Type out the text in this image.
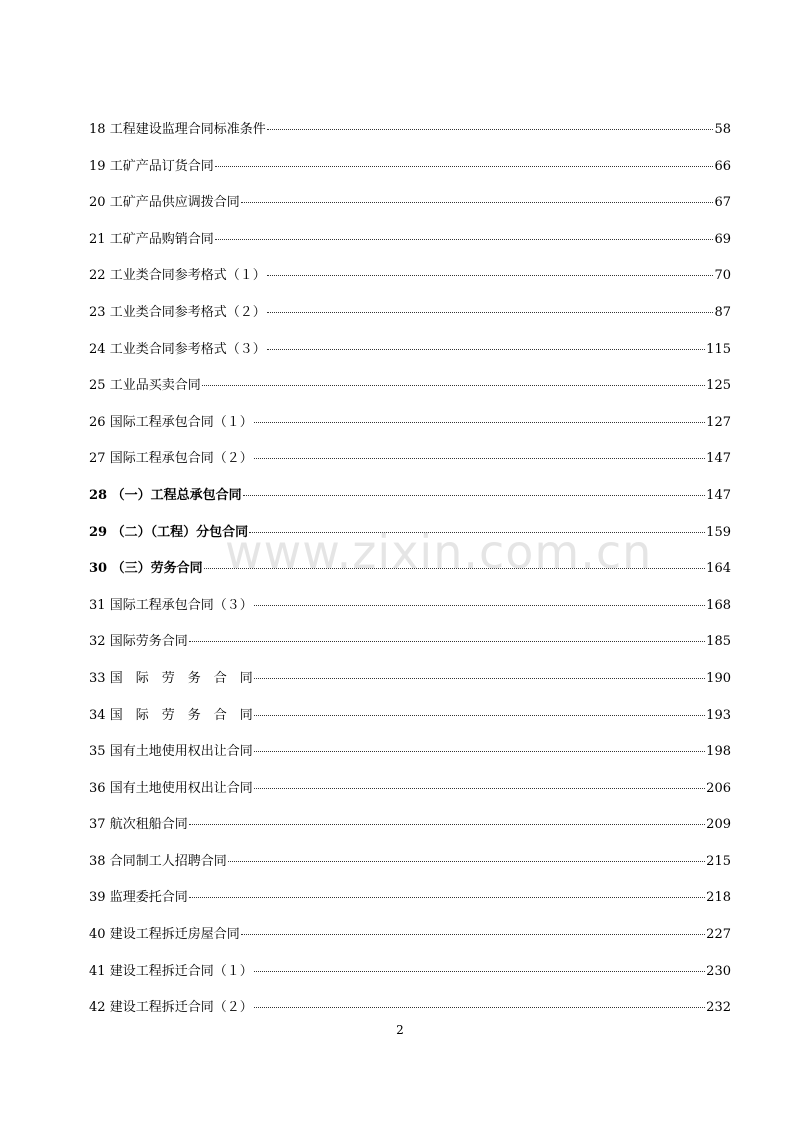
18 工程建设监理合同标准条件	58
19 工矿产品订货合同	66
20 工矿产品供应调拨合同	67
21 工矿产品购销合同	69
22 工业类合同参考格式（１）	70
23 工业类合同参考格式（２）	87
24 工业类合同参考格式（３）	115
25 工业品买卖合同	125
26 国际工程承包合同（１）	127
27 国际工程承包合同（２）	147
28 （一）工程总承包合同	147
29 （二）（工程）分包合同	159
30 （三）劳务合同	164
31 国际工程承包合同（３）	168
32 国际劳务合同	185
33 国　际　劳　务　合　同	190
34 国　际　劳　务　合　同	193
35 国有土地使用权出让合同	198
36 国有土地使用权出让合同	206
37 航次租船合同	209
38 合同制工人招聘合同	215
39 监理委托合同	218
40 建设工程拆迁房屋合同	227
41 建设工程拆迁合同（１）	230
42 建设工程拆迁合同（２）	232
www.zixin.com.cn
2
